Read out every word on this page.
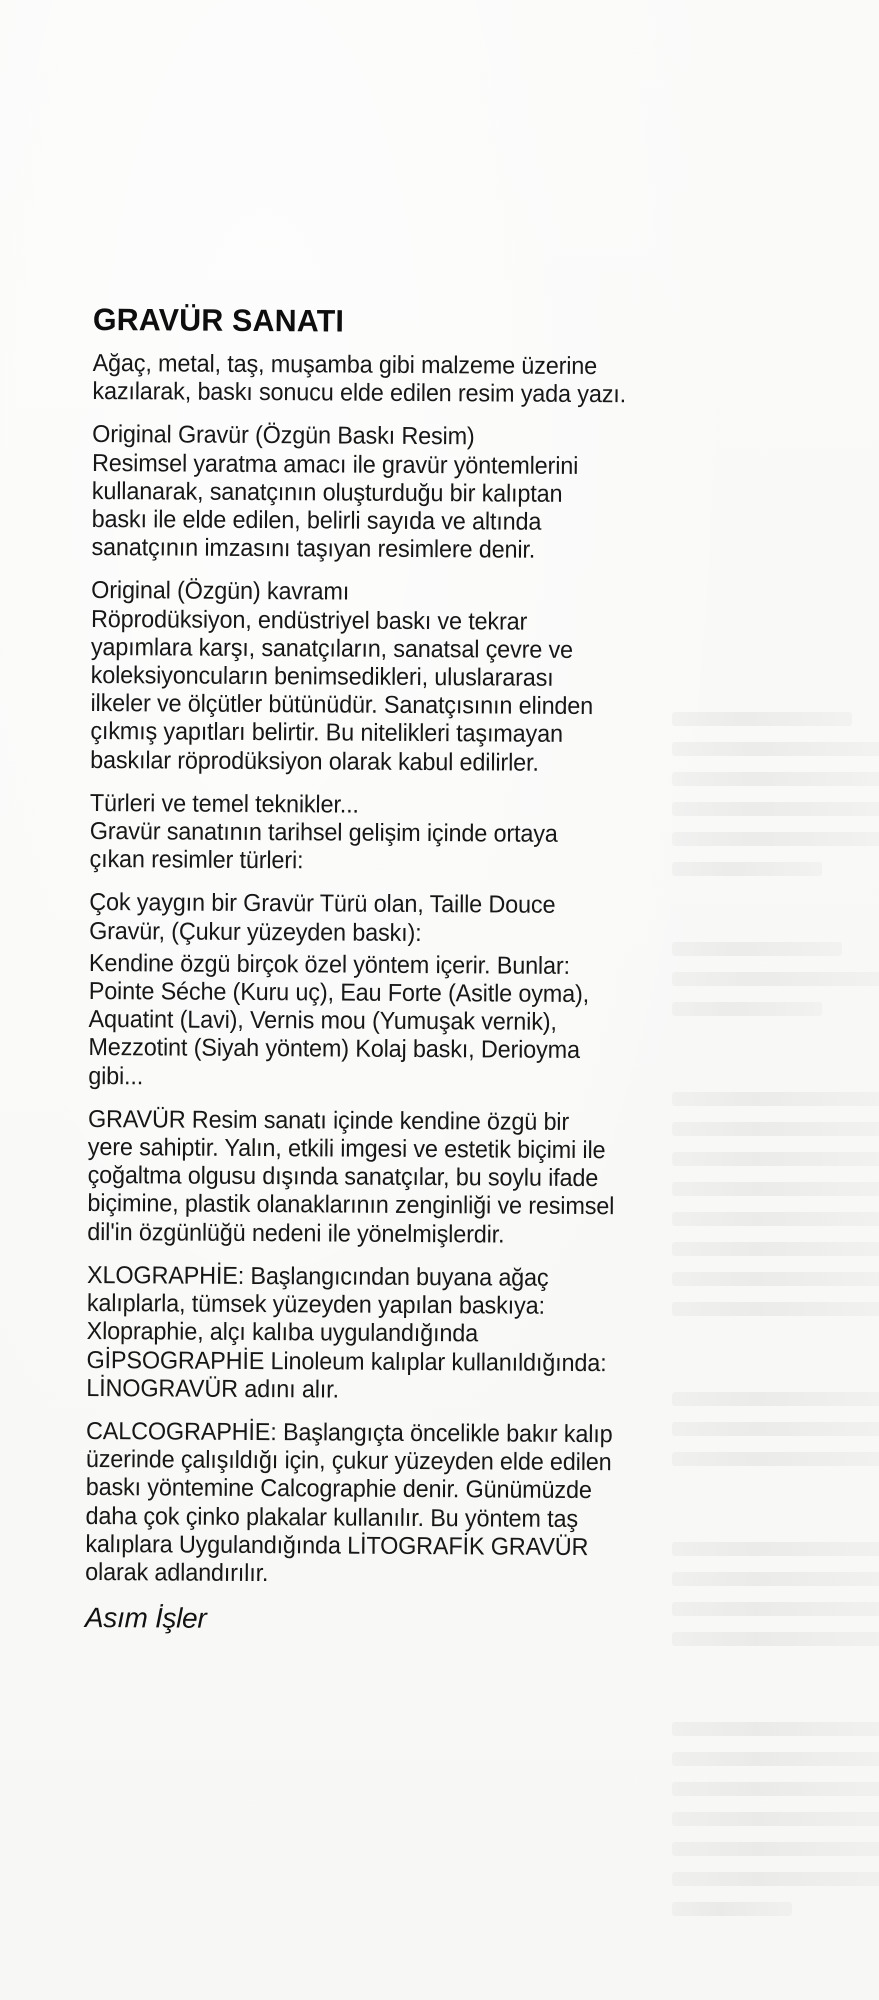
GRAVÜR SANATI
Ağaç, metal, taş, muşamba gibi malzeme üzerine
kazılarak, baskı sonucu elde edilen resim yada yazı.
Original Gravür (Özgün Baskı Resim)
Resimsel yaratma amacı ile gravür yöntemlerini
kullanarak, sanatçının oluşturduğu bir kalıptan
baskı ile elde edilen, belirli sayıda ve altında
sanatçının imzasını taşıyan resimlere denir.
Original (Özgün) kavramı
Röprodüksiyon, endüstriyel baskı ve tekrar
yapımlara karşı, sanatçıların, sanatsal çevre ve
koleksiyoncuların benimsedikleri, uluslararası
ilkeler ve ölçütler bütünüdür. Sanatçısının elinden
çıkmış yapıtları belirtir. Bu nitelikleri taşımayan
baskılar röprodüksiyon olarak kabul edilirler.
Türleri ve temel teknikler...
Gravür sanatının tarihsel gelişim içinde ortaya
çıkan resimler türleri:
Çok yaygın bir Gravür Türü olan, Taille Douce
Gravür, (Çukur yüzeyden baskı):
Kendine özgü birçok özel yöntem içerir. Bunlar:
Pointe Séche (Kuru uç), Eau Forte (Asitle oyma),
Aquatint (Lavi), Vernis mou (Yumuşak vernik),
Mezzotint (Siyah yöntem) Kolaj baskı, Derioyma
gibi...
GRAVÜR Resim sanatı içinde kendine özgü bir
yere sahiptir. Yalın, etkili imgesi ve estetik biçimi ile
çoğaltma olgusu dışında sanatçılar, bu soylu ifade
biçimine, plastik olanaklarının zenginliği ve resimsel
dil'in özgünlüğü nedeni ile yönelmişlerdir.
XLOGRAPHİE: Başlangıcından buyana ağaç
kalıplarla, tümsek yüzeyden yapılan baskıya:
Xlopraphie, alçı kalıba uygulandığında
GİPSOGRAPHİE Linoleum kalıplar kullanıldığında:
LİNOGRAVÜR adını alır.
CALCOGRAPHİE: Başlangıçta öncelikle bakır kalıp
üzerinde çalışıldığı için, çukur yüzeyden elde edilen
baskı yöntemine Calcographie denir. Günümüzde
daha çok çinko plakalar kullanılır. Bu yöntem taş
kalıplara Uygulandığında LİTOGRAFİK GRAVÜR
olarak adlandırılır.
Asım İşler
